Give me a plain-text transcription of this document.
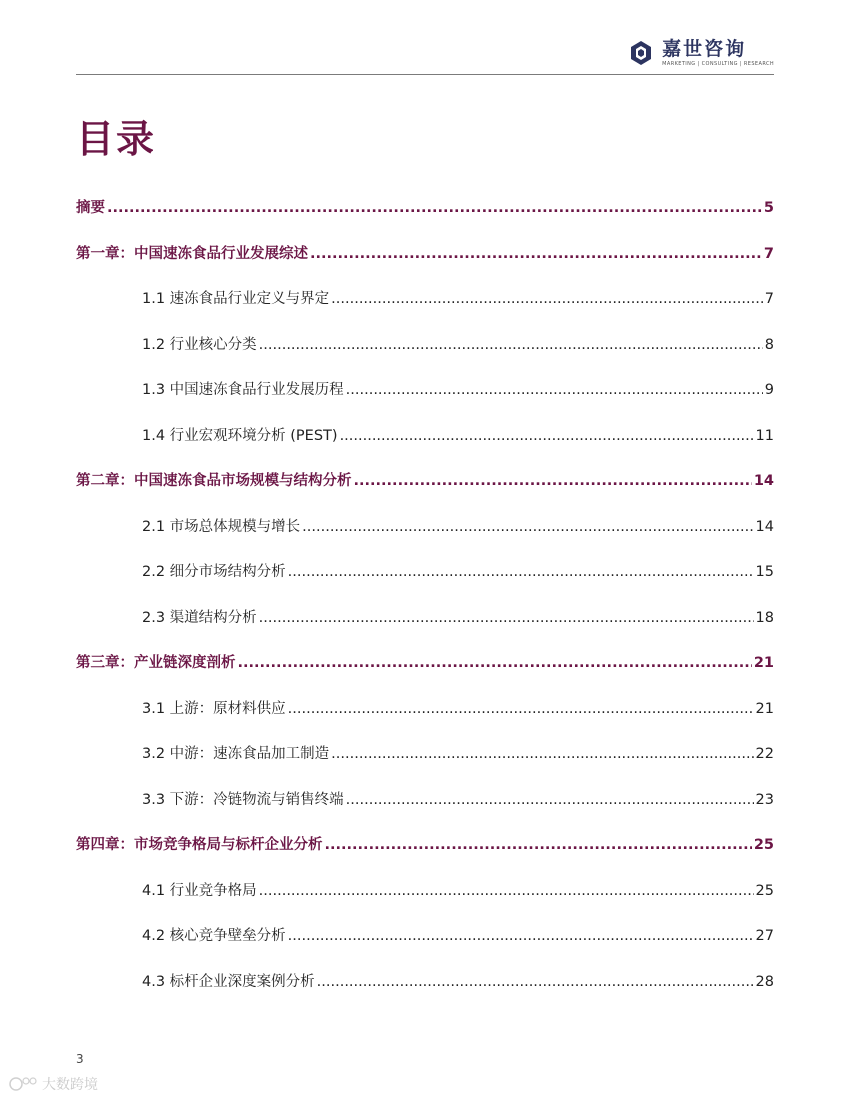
嘉世咨询
MARKETING | CONSULTING | RESEARCH
目录
摘要 .....	5
第一章：中国速冻食品行业发展综述 .....	7
1.1 速冻食品行业定义与界定 .....	7
1.2 行业核心分类 .....	8
1.3 中国速冻食品行业发展历程 .....	9
1.4 行业宏观环境分析 (PEST) .....	11
第二章：中国速冻食品市场规模与结构分析 .....	14
2.1 市场总体规模与增长 .....	14
2.2 细分市场结构分析 .....	15
2.3 渠道结构分析 .....	18
第三章：产业链深度剖析 .....	21
3.1 上游：原材料供应 .....	21
3.2 中游：速冻食品加工制造 .....	22
3.3 下游：冷链物流与销售终端 .....	23
第四章：市场竞争格局与标杆企业分析 .....	25
4.1 行业竞争格局 .....	25
4.2 核心竞争壁垒分析 .....	27
4.3 标杆企业深度案例分析 .....	28
3
大数跨境
